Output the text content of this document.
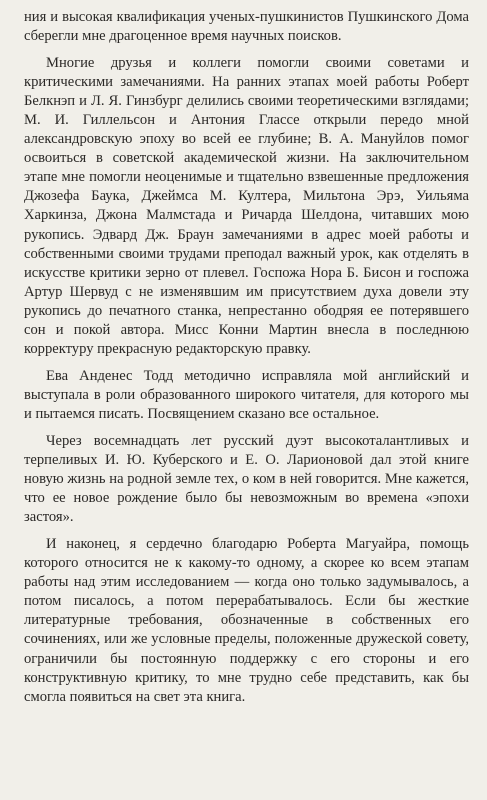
ния и высокая квалификация ученых-пушкинистов Пушкинского Дома сберегли мне драгоценное время научных поисков.

Многие друзья и коллеги помогли своими советами и критическими замечаниями. На ранних этапах моей работы Роберт Белкнэп и Л. Я. Гинзбург делились своими теоретическими взглядами; М. И. Гиллельсон и Антония Глассе открыли передо мной александровскую эпоху во всей ее глубине; В. А. Мануйлов помог освоиться в советской академической жизни. На заключительном этапе мне помогли неоценимые и тщательно взвешенные предложения Джозефа Баука, Джеймса М. Култера, Мильтона Эрэ, Уильяма Харкинза, Джона Малмстада и Ричарда Шелдона, читавших мою рукопись. Эдвард Дж. Браун замечаниями в адрес моей работы и собственными своими трудами преподал важный урок, как отделять в искусстве критики зерно от плевел. Госпожа Нора Б. Бисон и госпожа Артур Шервуд с не изменявшим им присутствием духа довели эту рукопись до печатного станка, непрестанно ободряя ее потерявшего сон и покой автора. Мисс Конни Мартин внесла в последнюю корректуру прекрасную редакторскую правку.

Ева Анденес Тодд методично исправляла мой английский и выступала в роли образованного широкого читателя, для которого мы и пытаемся писать. Посвящением сказано все остальное.

Через восемнадцать лет русский дуэт высокоталантливых и терпеливых И. Ю. Куберского и Е. О. Ларионовой дал этой книге новую жизнь на родной земле тех, о ком в ней говорится. Мне кажется, что ее новое рождение было бы невозможным во времена «эпохи застоя».

И наконец, я сердечно благодарю Роберта Магуайра, помощь которого относится не к какому-то одному, а скорее ко всем этапам работы над этим исследованием — когда оно только задумывалось, а потом писалось, а потом перерабатывалось. Если бы жесткие литературные требования, обозначенные в собственных его сочинениях, или же условные пределы, положенные дружеской совету, ограничили бы постоянную поддержку с его стороны и его конструктивную критику, то мне трудно себе представить, как бы смогла появиться на свет эта книга.
